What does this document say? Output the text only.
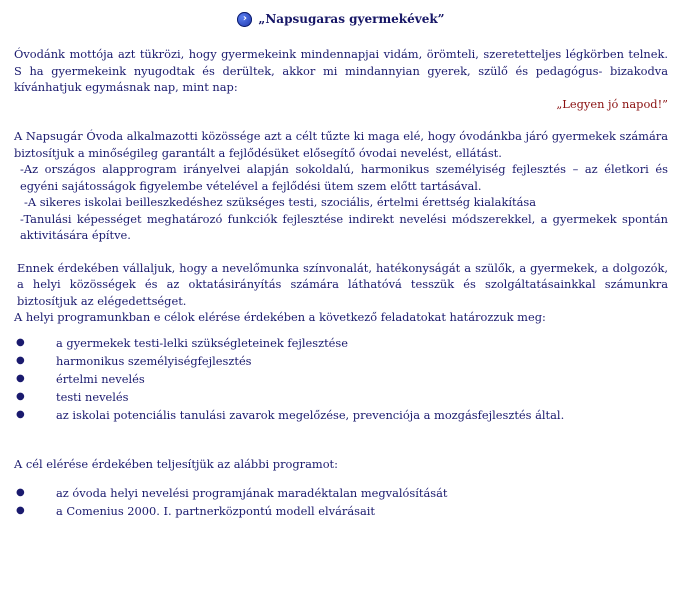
› „Napsugaras gyermekévek”

Óvodánk mottója azt tükrözi, hogy gyermekeink mindennapjai vidám, örömteli, szeretetteljes légkörben telnek. S ha gyermekeink nyugodtak és derültek, akkor mi mindannyian gyerek, szülő és pedagógus- bizakodva kívánhatjuk egymásnak nap, mint nap:

„Legyen jó napod!”

A Napsugár Óvoda alkalmazotti közössége azt a célt tűzte ki maga elé, hogy óvodánkba járó gyermekek számára biztosítjuk a minőségileg garantált a fejlődésüket elősegítő óvodai nevelést, ellátást.

-Az országos alapprogram irányelvei alapján sokoldalú, harmonikus személyiség fejlesztés – az életkori és egyéni sajátosságok figyelembe vételével a fejlődési ütem szem előtt tartásával.

-A sikeres iskolai beilleszkedéshez szükséges testi, szociális, értelmi érettség kialakítása

-Tanulási képességet meghatározó funkciók fejlesztése indirekt nevelési módszerekkel, a gyermekek spontán aktivitására építve.

Ennek érdekében vállaljuk, hogy a nevelőmunka színvonalát, hatékonyságát a szülők, a gyermekek, a dolgozók, a helyi közösségek és az oktatásirányítás számára láthatóvá tesszük és szolgáltatásainkkal számunkra biztosítjuk az elégedettséget.

A helyi programunkban e célok elérése érdekében a következő feladatokat határozzuk meg:

●	a gyermekek testi-lelki szükségleteinek fejlesztése
●	harmonikus személyiségfejlesztés
●	értelmi nevelés
●	testi nevelés
●	az iskolai potenciális tanulási zavarok megelőzése, prevenciója a mozgásfejlesztés által.

A cél elérése érdekében teljesítjük az alábbi programot:

●	az óvoda helyi nevelési programjának maradéktalan megvalósítását
●	a Comenius 2000. I. partnerközpontú modell elvárásait
